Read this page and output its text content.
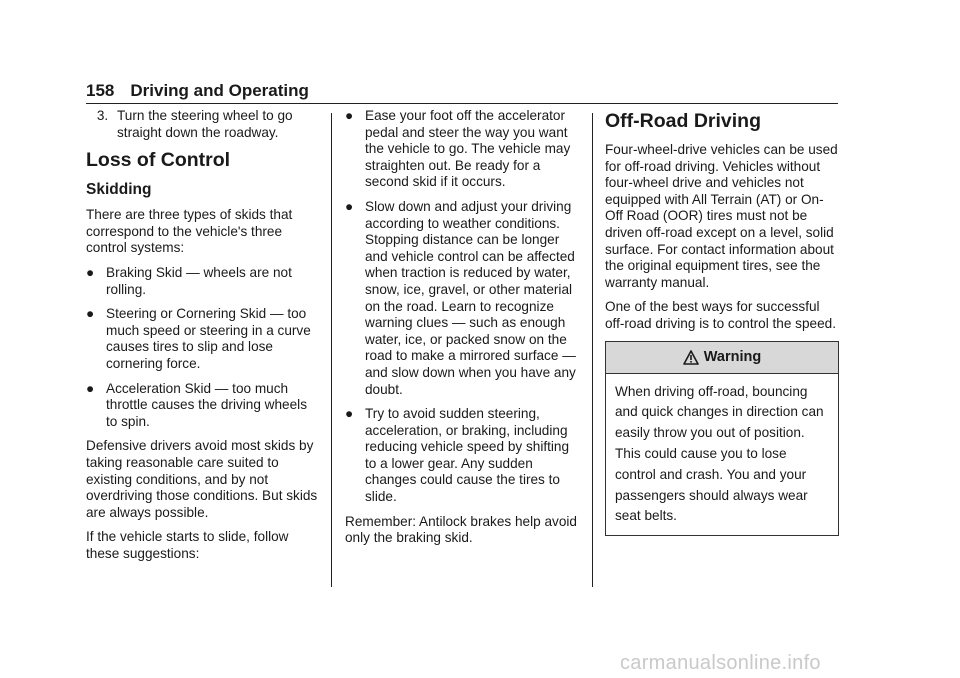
158 Driving and Operating
3. Turn the steering wheel to go straight down the roadway.
Loss of Control
Skidding

There are three types of skids that correspond to the vehicle's three control systems:

● Braking Skid — wheels are not rolling.
● Steering or Cornering Skid — too much speed or steering in a curve causes tires to slip and lose cornering force.
● Acceleration Skid — too much throttle causes the driving wheels to spin.

Defensive drivers avoid most skids by taking reasonable care suited to existing conditions, and by not overdriving those conditions. But skids are always possible.

If the vehicle starts to slide, follow these suggestions:

● Ease your foot off the accelerator pedal and steer the way you want the vehicle to go. The vehicle may straighten out. Be ready for a second skid if it occurs.
● Slow down and adjust your driving according to weather conditions. Stopping distance can be longer and vehicle control can be affected when traction is reduced by water, snow, ice, gravel, or other material on the road. Learn to recognize warning clues — such as enough water, ice, or packed snow on the road to make a mirrored surface — and slow down when you have any doubt.
● Try to avoid sudden steering, acceleration, or braking, including reducing vehicle speed by shifting to a lower gear. Any sudden changes could cause the tires to slide.

Remember: Antilock brakes help avoid only the braking skid.

Off-Road Driving

Four-wheel-drive vehicles can be used for off-road driving. Vehicles without four-wheel drive and vehicles not equipped with All Terrain (AT) or On-Off Road (OOR) tires must not be driven off-road except on a level, solid surface. For contact information about the original equipment tires, see the warranty manual.

One of the best ways for successful off-road driving is to control the speed.

Warning
When driving off-road, bouncing and quick changes in direction can easily throw you out of position. This could cause you to lose control and crash. You and your passengers should always wear seat belts.
carmanualsonline.info
